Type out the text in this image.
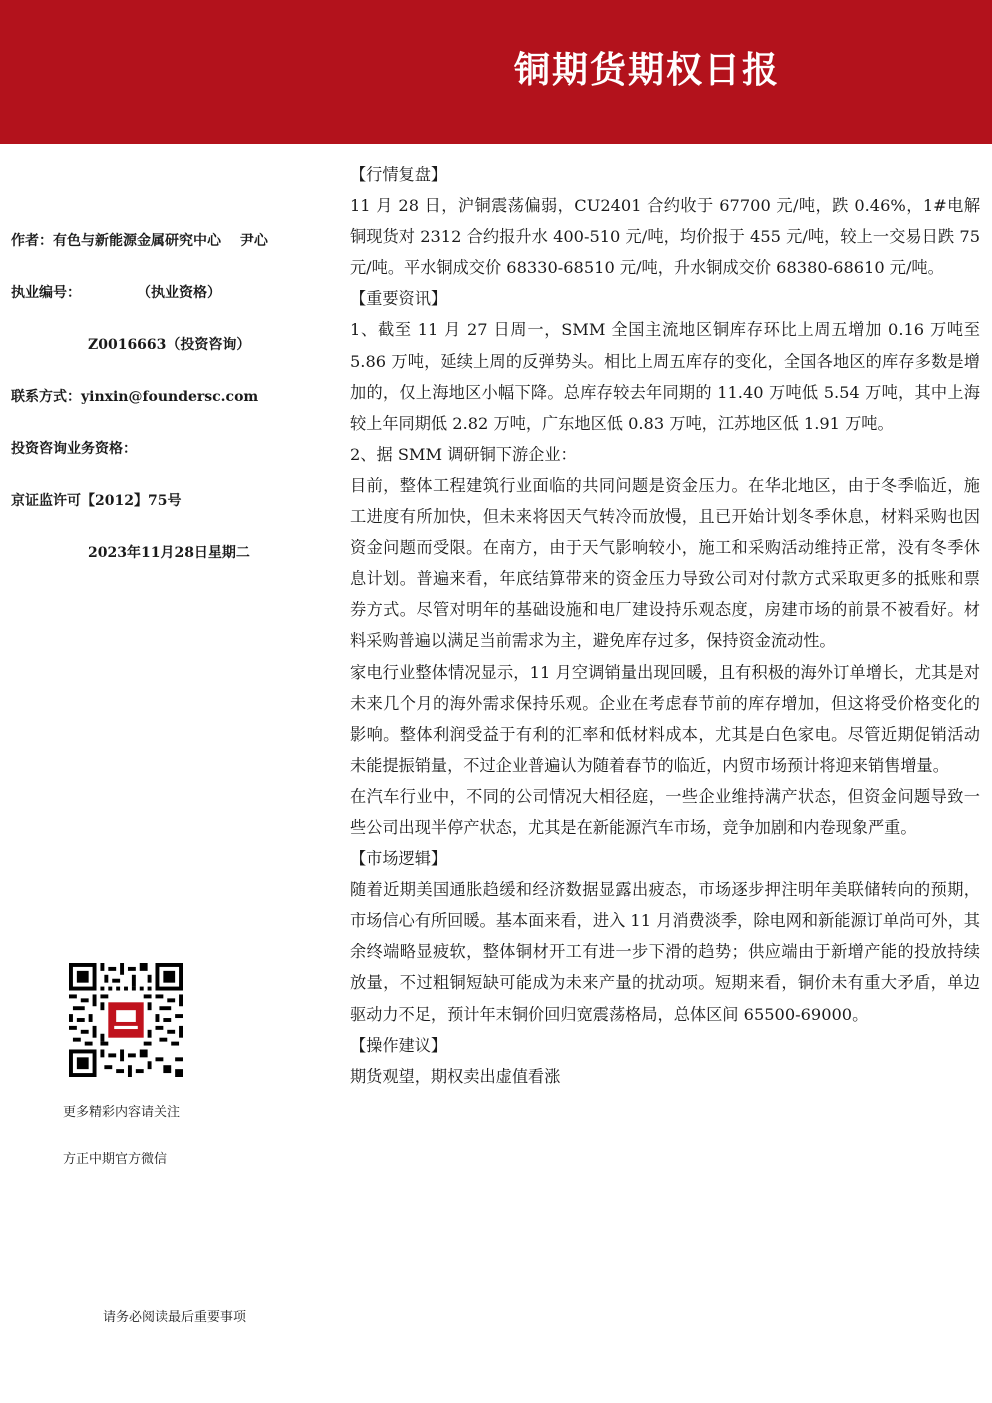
铜期货期权日报
作者：有色与新能源金属研究中心　 尹心
执业编号：　　　　　（执业资格）
Z0016663（投资咨询）
联系方式：yinxin@foundersc.com
投资咨询业务资格：
京证监许可【2012】75号
2023年11月28日星期二
更多精彩内容请关注
方正中期官方微信
请务必阅读最后重要事项

【行情复盘】

11 月 28 日，沪铜震荡偏弱，CU2401 合约收于 67700 元/吨，跌 0.46%，1#电解铜现货对 2312 合约报升水 400-510 元/吨，均价报于 455 元/吨，较上一交易日跌 75 元/吨。平水铜成交价 68330-68510 元/吨，升水铜成交价 68380-68610 元/吨。

【重要资讯】

1、截至 11 月 27 日周一，SMM 全国主流地区铜库存环比上周五增加 0.16 万吨至 5.86 万吨，延续上周的反弹势头。相比上周五库存的变化，全国各地区的库存多数是增加的，仅上海地区小幅下降。总库存较去年同期的 11.40 万吨低 5.54 万吨，其中上海较上年同期低 2.82 万吨，广东地区低 0.83 万吨，江苏地区低 1.91 万吨。

2、据 SMM 调研铜下游企业：

目前，整体工程建筑行业面临的共同问题是资金压力。在华北地区，由于冬季临近，施工进度有所加快，但未来将因天气转冷而放慢，且已开始计划冬季休息，材料采购也因资金问题而受限。在南方，由于天气影响较小，施工和采购活动维持正常，没有冬季休息计划。普遍来看，年底结算带来的资金压力导致公司对付款方式采取更多的抵账和票券方式。尽管对明年的基础设施和电厂建设持乐观态度，房建市场的前景不被看好。材料采购普遍以满足当前需求为主，避免库存过多，保持资金流动性。

家电行业整体情况显示，11 月空调销量出现回暖，且有积极的海外订单增长，尤其是对未来几个月的海外需求保持乐观。企业在考虑春节前的库存增加，但这将受价格变化的影响。整体利润受益于有利的汇率和低材料成本，尤其是白色家电。尽管近期促销活动未能提振销量，不过企业普遍认为随着春节的临近，内贸市场预计将迎来销售增量。

在汽车行业中，不同的公司情况大相径庭，一些企业维持满产状态，但资金问题导致一些公司出现半停产状态，尤其是在新能源汽车市场，竞争加剧和内卷现象严重。

【市场逻辑】

随着近期美国通胀趋缓和经济数据显露出疲态，市场逐步押注明年美联储转向的预期，市场信心有所回暖。基本面来看，进入 11 月消费淡季，除电网和新能源订单尚可外，其余终端略显疲软，整体铜材开工有进一步下滑的趋势；供应端由于新增产能的投放持续放量，不过粗铜短缺可能成为未来产量的扰动项。短期来看，铜价未有重大矛盾，单边驱动力不足，预计年末铜价回归宽震荡格局，总体区间 65500-69000。

【操作建议】

期货观望，期权卖出虚值看涨
